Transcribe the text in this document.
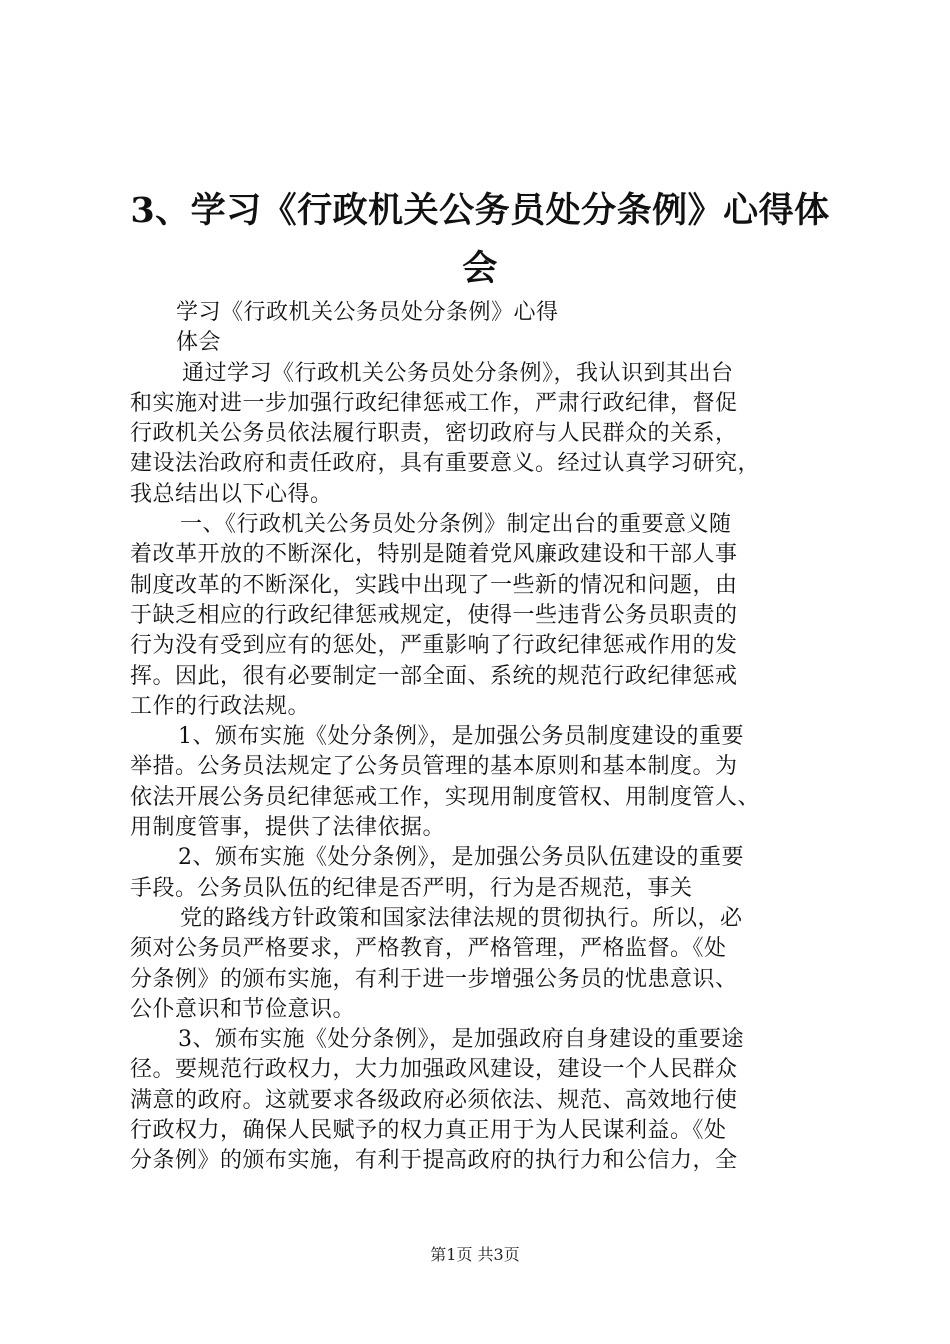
3、学习《行政机关公务员处分条例》心得体
会
学习《行政机关公务员处分条例》心得
体会
通过学习《行政机关公务员处分条例》，我认识到其出台
和实施对进一步加强行政纪律惩戒工作，严肃行政纪律，督促
行政机关公务员依法履行职责，密切政府与人民群众的关系，
建设法治政府和责任政府，具有重要意义。经过认真学习研究，
我总结出以下心得。
一、《行政机关公务员处分条例》制定出台的重要意义随
着改革开放的不断深化，特别是随着党风廉政建设和干部人事
制度改革的不断深化，实践中出现了一些新的情况和问题，由
于缺乏相应的行政纪律惩戒规定，使得一些违背公务员职责的
行为没有受到应有的惩处，严重影响了行政纪律惩戒作用的发
挥。因此，很有必要制定一部全面、系统的规范行政纪律惩戒
工作的行政法规。
1、颁布实施《处分条例》，是加强公务员制度建设的重要
举措。公务员法规定了公务员管理的基本原则和基本制度。为
依法开展公务员纪律惩戒工作，实现用制度管权、用制度管人、
用制度管事，提供了法律依据。
2、颁布实施《处分条例》，是加强公务员队伍建设的重要
手段。公务员队伍的纪律是否严明，行为是否规范，事关
党的路线方针政策和国家法律法规的贯彻执行。所以，必
须对公务员严格要求，严格教育，严格管理，严格监督。《处
分条例》的颁布实施，有利于进一步增强公务员的忧患意识、
公仆意识和节俭意识。
3、颁布实施《处分条例》，是加强政府自身建设的重要途
径。要规范行政权力，大力加强政风建设，建设一个人民群众
满意的政府。这就要求各级政府必须依法、规范、高效地行使
行政权力，确保人民赋予的权力真正用于为人民谋利益。《处
分条例》的颁布实施，有利于提高政府的执行力和公信力，全
第1页 共3页
